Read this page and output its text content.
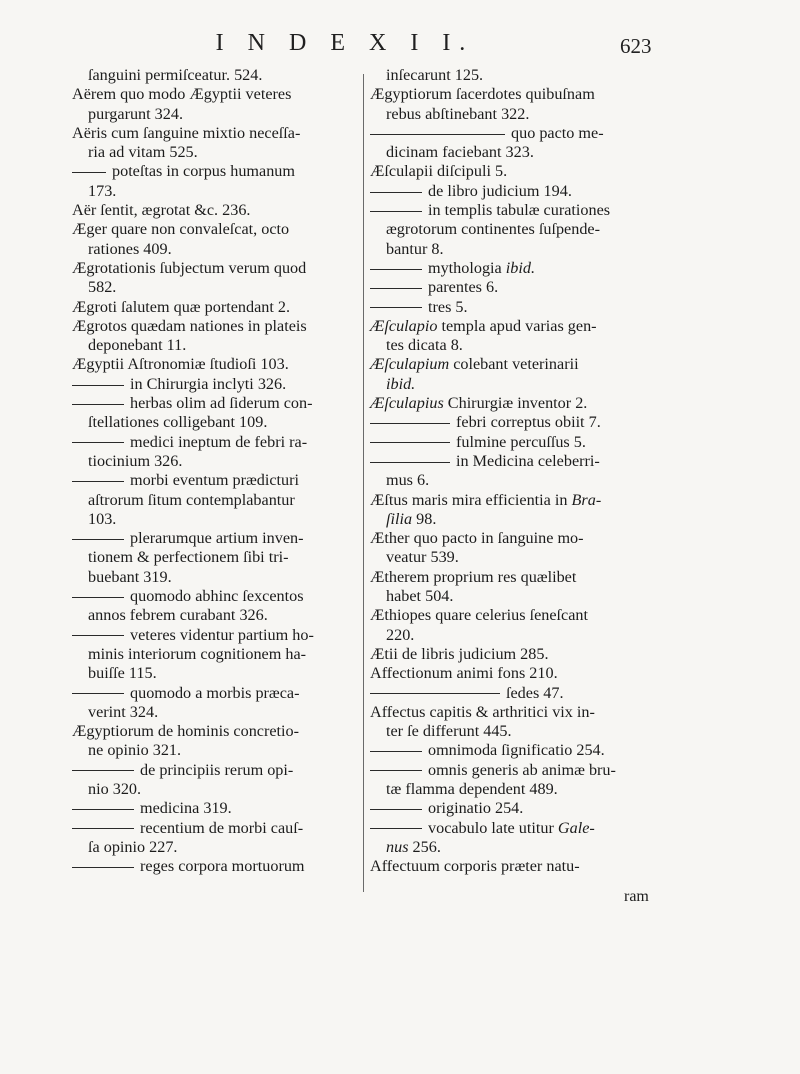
I N D E X I I.	623
ſanguini permiſceatur. 524.
Aërem quo modo Ægyptii veteres
purgarunt 324.
Aëris cum ſanguine mixtio neceſſa-
ria ad vitam 525.
poteſtas in corpus humanum
173.
Aër ſentit, ægrotat &c. 236.
Æger quare non convaleſcat, octo
rationes 409.
Ægrotationis ſubjectum verum quod
582.
Ægroti ſalutem quæ portendant 2.
Ægrotos quædam nationes in plateis
deponebant 11.
Ægyptii Aſtronomiæ ſtudioſi 103.
in Chirurgia inclyti 326.
herbas olim ad ſiderum con-
ſtellationes colligebant 109.
medici ineptum de febri ra-
tiocinium 326.
morbi eventum prædicturi
aſtrorum ſitum contemplabantur
103.
plerarumque artium inven-
tionem & perfectionem ſibi tri-
buebant 319.
quomodo abhinc ſexcentos
annos febrem curabant 326.
veteres videntur partium ho-
minis interiorum cognitionem ha-
buiſſe 115.
quomodo a morbis præca-
verint 324.
Ægyptiorum de hominis concretio-
ne opinio 321.
de principiis rerum opi-
nio 320.
medicina 319.
recentium de morbi cauſ-
ſa opinio 227.
reges corpora mortuorum
inſecarunt 125.
Ægyptiorum ſacerdotes quibuſnam
rebus abſtinebant 322.
quo pacto me-
dicinam faciebant 323.
Æſculapii diſcipuli 5.
de libro judicium 194.
in templis tabulæ curationes
ægrotorum continentes ſuſpende-
bantur 8.
mythologia ibid.
parentes 6.
tres 5.
Æſculapio templa apud varias gen-
tes dicata 8.
Æſculapium colebant veterinarii
ibid.
Æſculapius Chirurgiæ inventor 2.
febri correptus obiit 7.
fulmine percuſſus 5.
in Medicina celeberri-
mus 6.
Æſtus maris mira efficientia in Bra-
ſilia 98.
Æther quo pacto in ſanguine mo-
veatur 539.
Ætherem proprium res quælibet
habet 504.
Æthiopes quare celerius ſeneſcant
220.
Ætii de libris judicium 285.
Affectionum animi fons 210.
ſedes 47.
Affectus capitis & arthritici vix in-
ter ſe differunt 445.
omnimoda ſignificatio 254.
omnis generis ab animæ bru-
tæ flamma dependent 489.
originatio 254.
vocabulo late utitur Gale-
nus 256.
Affectuum corporis præter natu-
ram
